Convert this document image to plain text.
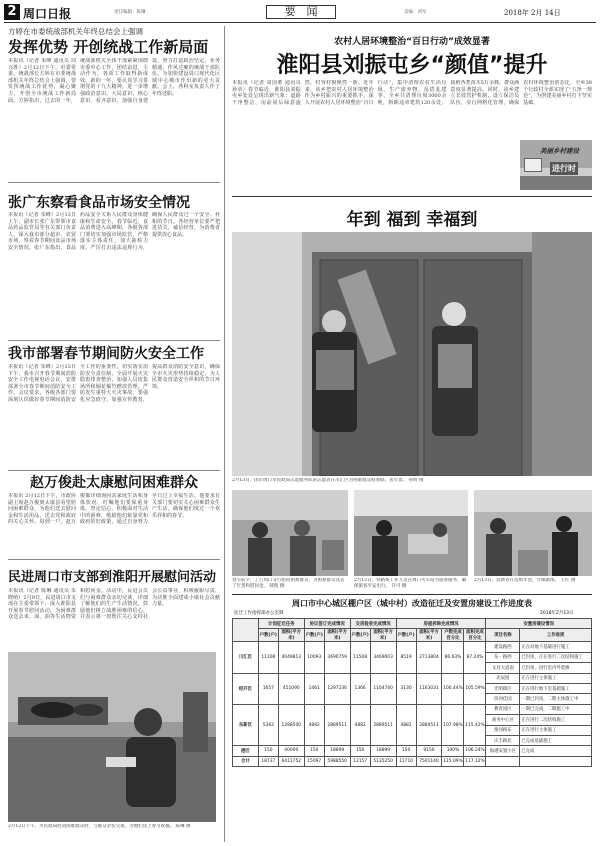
2 周口日报	责任编辑：陈琳	要　闻	美编：刘军	2018年 2月 14日
方婷在市委统战部机关年终总结会上强调
发挥优势 开创统战工作新局面
本报讯（记者 朱峰 通讯员 周兴胜）2月12日下午，市委常委、统战部长方婷在市委统战部机关年终总结会上强调，要发挥统战工作优势，凝心聚力，开创全市统战工作新局面。方婷指出，过去的一年，统战部机关全体干部紧紧围绕市委中心工作，团结奋进，主动作为，各项工作取得新成效。新的一年，要认真学习贯彻党的十九大精神，进一步增强政治意识、大局意识、核心意识、看齐意识，加强自身建设，努力打造政治坚定、业务精通、作风过硬的统战干部队伍，为加快建设周口现代化区域中心城市作出新的更大贡献。会上，各科室负责人作了年终述职。
张广东察看食品市场安全情况
本报讯（记者 朱峰）2月13日上午，副市长张广东带领市食品药品监管局等有关部门负责人，深入我市部分超市、农贸市场，察看春节期间食品市场安全情况。张广东指出，食品药品安全关系人民群众身体健康和生命安全。春节临近，食品消费进入高峰期，各级各部门要切实加强市场监管，严格落实主体责任，加大抽检力度，严厉打击违法违规行为，确保人民群众过一个安全、祥和的节日。各经营单位要严把进货关，诚信经营，为消费者提供放心食品。
我市部署春节期间防火安全工作
本报讯（记者 朱峰）2月13日下午，我市召开春节期间消防安全工作电视电话会议，安排部署全市春节期间消防安全工作。会议要求，各级各部门要深刻认识做好春节期间消防安全工作的重要性，切实落实消防安全责任制，全面开展火灾隐患排查整治，加强人员密集场所和烟花爆竹燃放管理，严防发生重特大火灾事故。要强化应急值守，加强宣传教育，提高群众消防安全意识，确保全市火灾形势持续稳定，为人民群众营造安全祥和的节日环境。
赵万俊赴太康慰问困难群众
本报讯 2月12日下午，市政协副主席赵万俊到太康县看望慰问困难群众，为他们送去慰问金和生活用品，送去党和政府的关心关怀。每到一户，赵万俊都详细询问其家庭生活和身体状况，叮嘱他们要保重身体，坚定信心，积极面对生活中的困难，勉励他们依靠党和政府的好政策，通过自身努力早日过上幸福生活。他要求有关部门要切实关心困难群众生产生活，确保他们度过一个欢乐祥和的春节。
民进周口市支部到淮阳开展慰问活动
本报讯（记者 陈琳 通讯员 朱晓萌）2月9日，民进周口市支部在主委带领下，深入淮阳县开展春节慰问活动，为困难群众送去米、面、油等生活物资和慰问金。活动中，民进会员们与困难群众亲切交谈，详细了解他们的生产生活情况，鼓励他们树立战胜困难的信心，并表示将一如既往关心支持社会公益事业，积极履职尽责，为决胜全面建成小康社会贡献力量。
2月12日下午，市民政局慰问困难群众时，与群众亲切交谈，为他们送上春节祝福。 陈琳 摄
农村人居环境整治“百日行动”成效显著
淮阳县刘振屯乡“颜值”提升
本报讯（记者 周国胜 通讯员 孙章）春节临近，淮阳县刘振屯乡处处呈现出新气象：道路干净整洁，房前屋后绿意盎然，村容村貌焕然一新。近年来，该乡把农村人居环境整治作为乡村振兴的重要抓手，深入开展农村人居环境整治“百日行动”，集中清理农村生活垃圾、生产废弃物、乱搭乱建等，全乡共清理垃圾3000余吨，拆除违章建筑120余处，栽植各类苗木5万余株，群众满意度显著提高。同时，该乡建立长效管护机制，设立保洁员队伍，实行网格化管理，确保农村环境整治常态化。全乡38个行政村全部实现了“五净一规范”，为创建美丽乡村打下坚实基础。
美丽乡村建设
进行时
年到 福到 幸福到
2月13日，团市周口市民政局志愿服务队的志愿者在川汇区为困难群众贴春联、送年货。 孙明 摄
春节前夕，工行周口分行慰问困难群众，为困难群众送去了年货和慰问金。 韩凯 摄
2月12日，铁路系工作人员在周口火车站为旅客服务，确保旅客平安出行。 许可 摄
2月13日，消费者在选购年货，年味渐浓。 王红 摄
周口市中心城区棚户区（城中村）改造征迁及安置房建设工作进度表
征迁工作指挥部办公室制	2018年2月13日
	计划征迁任务		协议签订完成情况		交房验收完成情况		房屋拆除完成情况				安置房建设情况	
	户数(户)	面积(平方米)	户数(户)	面积(平方米)	户数(户)	面积(平方米)	户数(户)	面积(平方米)	户数完成百分比	面积完成百分比	项目名称	工作进度
川汇区	11108	4049813	10093	3690759	11508	3469003	8519	2713804	86.63%	87.24%	建设路西	正在对地下基础进行施工
											东一路西	已封顶，正在进行二次结构施工
											文昌大道南	已封顶，进行室内外装修
经开区	1657	451090	1461	1297236	1366	1104740	3130	1163031	100.44%	105.59%	北辰园	正在进行主体施工
											光明街区	正在进行地下室基础施工
											滨河佳园	一期已封顶，二期主体施工中
东新区	5362	1288500	4882	2889511	4882	2889511	4882	2889511	107.98%	115.42%	教育园区	一期已完成，二期施工中
											商务中心区	正在进行二次结构施工
											淮河路东	正在进行主体施工
											庆丰路北	已完成基础施工
港区	150	40000	150	18899	150	18899	150	9150	100%	106.24%	海港安置小区	已完成
合计	18737	6411752	15097	5988550	12157	5135250	11710	7501140	115.09%	117.12%		
